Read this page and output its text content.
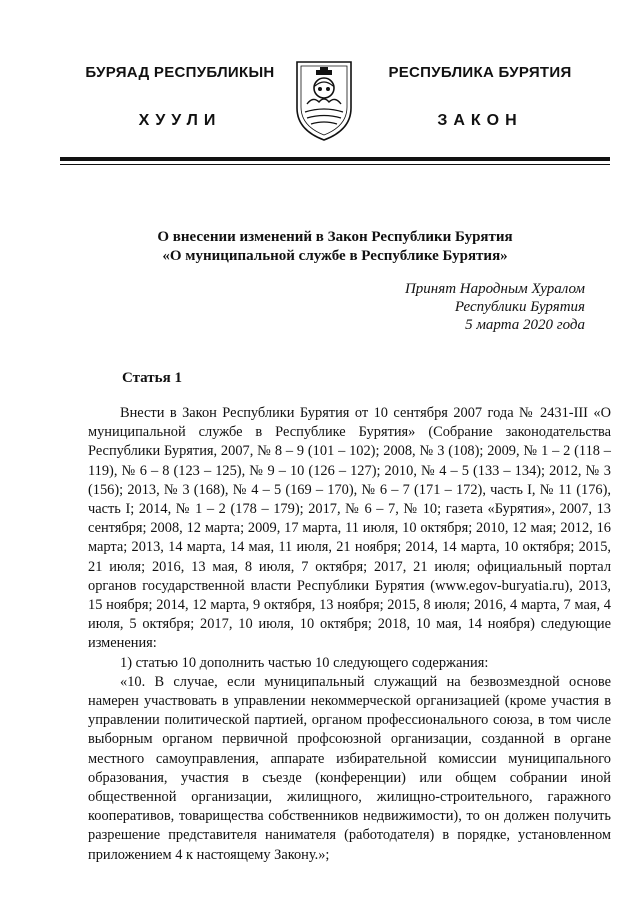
БУРЯАД РЕСПУБЛИКЫН
ХУУЛИ
РЕСПУБЛИКА БУРЯТИЯ
ЗАКОН
О внесении изменений в Закон Республики Бурятия
«О муниципальной службе в Республике Бурятия»
Принят Народным Хуралом
Республики Бурятия
5 марта 2020 года
Статья 1

Внести в Закон Республики Бурятия от 10 сентября 2007 года № 2431-III «О муниципальной службе в Республике Бурятия» (Собрание законодательства Республики Бурятия, 2007, № 8 – 9 (101 – 102); 2008, № 3 (108); 2009, № 1 – 2 (118 – 119), № 6 – 8 (123 – 125), № 9 – 10 (126 – 127); 2010, № 4 – 5 (133 – 134); 2012, № 3 (156); 2013, № 3 (168), № 4 – 5 (169 – 170), № 6 – 7 (171 – 172), часть I, № 11 (176), часть I; 2014, № 1 – 2 (178 – 179); 2017, № 6 – 7, № 10; газета «Бурятия», 2007, 13 сентября; 2008, 12 марта; 2009, 17 марта, 11 июля, 10 октября; 2010, 12 мая; 2012, 16 марта; 2013, 14 марта, 14 мая, 11 июля, 21 ноября; 2014, 14 марта, 10 октября; 2015, 21 июля; 2016, 13 мая, 8 июля, 7 октября; 2017, 21 июля; официальный портал органов государственной власти Республики Бурятия (www.egov-buryatia.ru), 2013, 15 ноября; 2014, 12 марта, 9 октября, 13 ноября; 2015, 8 июля; 2016, 4 марта, 7 мая, 4 июля, 5 октября; 2017, 10 июля, 10 октября; 2018, 10 мая, 14 ноября) следующие изменения:

1) статью 10 дополнить частью 10 следующего содержания:

«10. В случае, если муниципальный служащий на безвозмездной основе намерен участвовать в управлении некоммерческой организацией (кроме участия в управлении политической партией, органом профессионального союза, в том числе выборным органом первичной профсоюзной организации, созданной в органе местного самоуправления, аппарате избирательной комиссии муниципального образования, участия в съезде (конференции) или общем собрании иной общественной организации, жилищного, жилищно-строительного, гаражного кооперативов, товарищества собственников недвижимости), то он должен получить разрешение представителя нанимателя (работодателя) в порядке, установленном приложением 4 к настоящему Закону.»;
